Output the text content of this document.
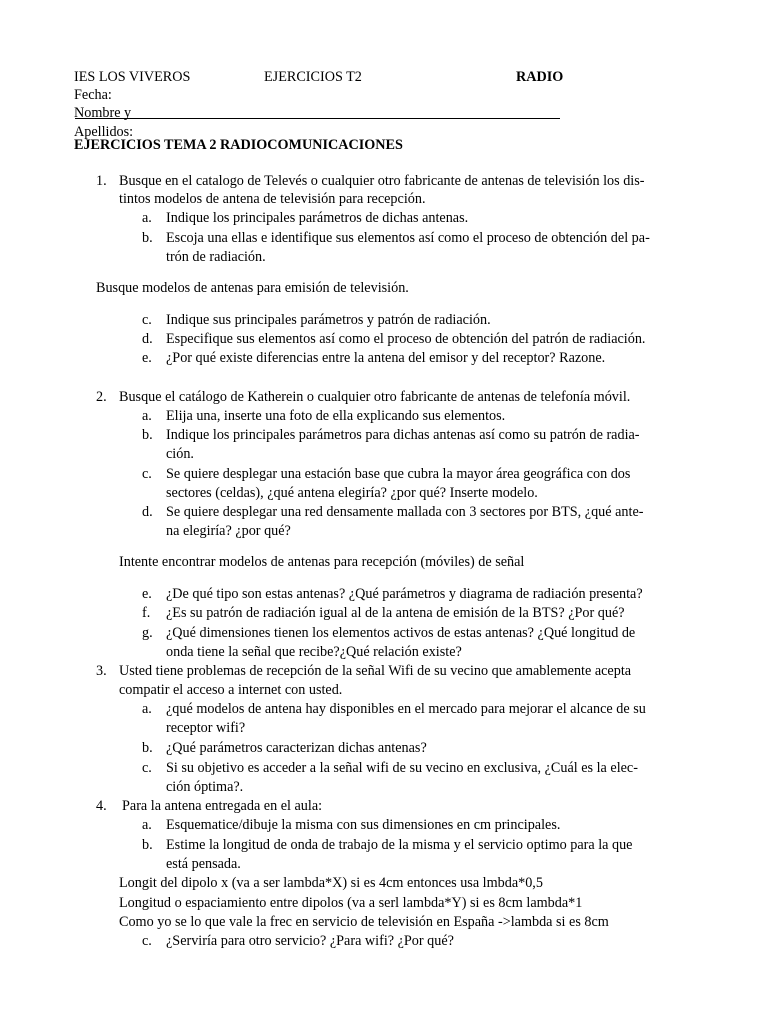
IES LOS VIVEROS	EJERCICIOS T2	RADIO
Fecha:
Nombre y Apellidos:
EJERCICIOS TEMA 2 RADIOCOMUNICACIONES
1. Busque en el catalogo de Televés o cualquier otro fabricante de antenas de televisión los dis-
tintos modelos de antena de televisión para recepción.
a. Indique los principales parámetros de dichas antenas.
b. Escoja una ellas e identifique sus elementos así como el proceso de obtención del pa-
trón de radiación.
Busque modelos de antenas para emisión de televisión.
c. Indique sus principales parámetros y patrón de radiación.
d. Especifique sus elementos así como el proceso de obtención del patrón de radiación.
e. ¿Por qué existe diferencias entre la antena del emisor y del receptor? Razone.
2. Busque el catálogo de Katherein o cualquier otro fabricante de antenas de telefonía móvil.
a. Elija una, inserte una foto de ella explicando sus elementos.
b. Indique los principales parámetros para dichas antenas así como su patrón de radia-
ción.
c. Se quiere desplegar una estación base que cubra la mayor área geográfica con dos
sectores (celdas), ¿qué antena elegiría? ¿por qué? Inserte modelo.
d. Se quiere desplegar una red densamente mallada con 3 sectores por BTS, ¿qué ante-
na elegiría? ¿por qué?
Intente encontrar modelos de antenas para recepción (móviles) de señal
e. ¿De qué tipo son estas antenas? ¿Qué parámetros y diagrama de radiación presenta?
f. ¿Es su patrón de radiación igual al de la antena de emisión de la BTS? ¿Por qué?
g. ¿Qué dimensiones tienen los elementos activos de estas antenas? ¿Qué longitud de
onda tiene la señal que recibe?¿Qué relación existe?
3. Usted tiene problemas de recepción de la señal Wifi de su vecino que amablemente acepta
compatir el acceso a internet con usted.
a. ¿qué modelos de antena hay disponibles en el mercado para mejorar el alcance de su
receptor wifi?
b. ¿Qué parámetros caracterizan dichas antenas?
c. Si su objetivo es acceder a la señal wifi de su vecino en exclusiva, ¿Cuál es la elec-
ción óptima?.
4. Para la antena entregada en el aula:
a. Esquematice/dibuje la misma con sus dimensiones en cm principales.
b. Estime la longitud de onda de trabajo de la misma y el servicio optimo para la que
está pensada.
Longit del dipolo x (va a ser lambda*X) si es 4cm entonces usa lmbda*0,5
Longitud o espaciamiento entre dipolos (va a serl lambda*Y) si es 8cm lambda*1
Como yo se lo que vale la frec en servicio de televisión en España ->lambda si es 8cm
c. ¿Serviría para otro servicio? ¿Para wifi? ¿Por qué?
